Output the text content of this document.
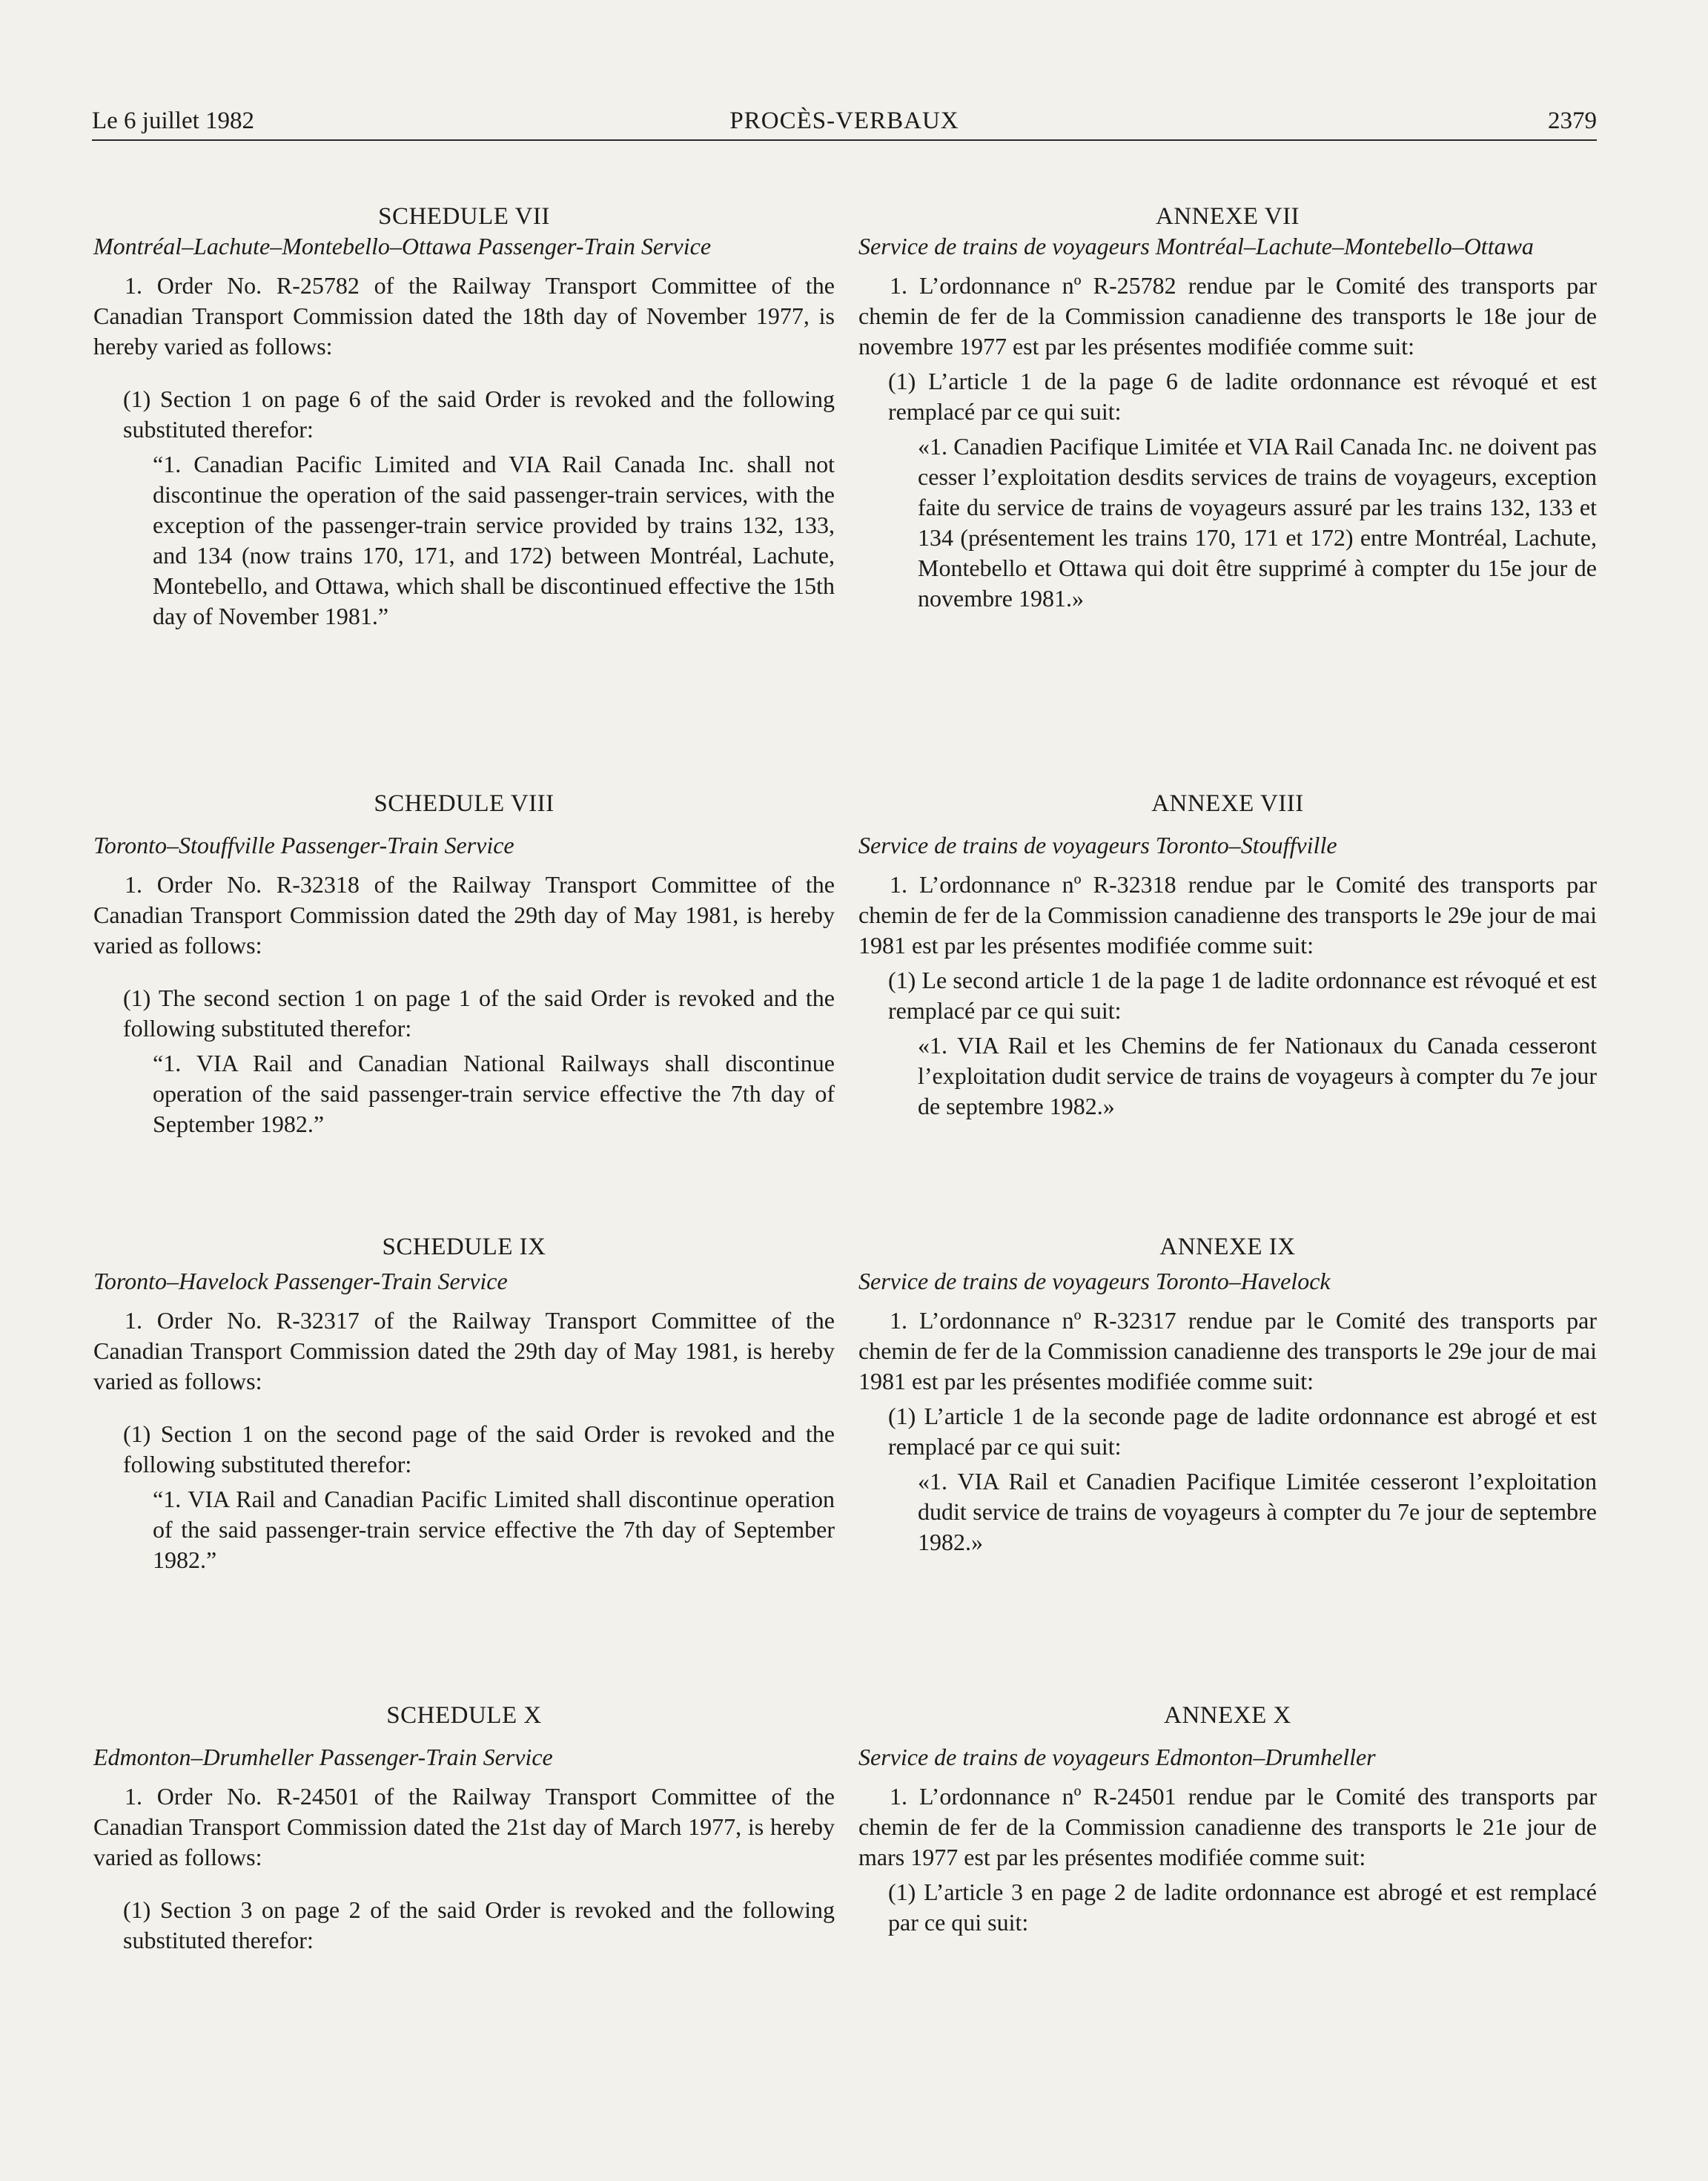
Le 6 juillet 1982	PROCÈS-VERBAUX	2379
SCHEDULE VII
Montréal–Lachute–Montebello–Ottawa Passenger-Train Service

1. Order No. R-25782 of the Railway Transport Committee of the Canadian Transport Commission dated the 18th day of November 1977, is hereby varied as follows:

(1) Section 1 on page 6 of the said Order is revoked and the following substituted therefor:

“1. Canadian Pacific Limited and VIA Rail Canada Inc. shall not discontinue the operation of the said passenger-train services, with the exception of the passenger-train service provided by trains 132, 133, and 134 (now trains 170, 171, and 172) between Montréal, Lachute, Montebello, and Ottawa, which shall be discontinued effective the 15th day of November 1981.”

SCHEDULE VIII
Toronto–Stouffville Passenger-Train Service

1. Order No. R-32318 of the Railway Transport Committee of the Canadian Transport Commission dated the 29th day of May 1981, is hereby varied as follows:

(1) The second section 1 on page 1 of the said Order is revoked and the following substituted therefor:

“1. VIA Rail and Canadian National Railways shall discontinue operation of the said passenger-train service effective the 7th day of September 1982.”

SCHEDULE IX
Toronto–Havelock Passenger-Train Service

1. Order No. R-32317 of the Railway Transport Committee of the Canadian Transport Commission dated the 29th day of May 1981, is hereby varied as follows:

(1) Section 1 on the second page of the said Order is revoked and the following substituted therefor:

“1. VIA Rail and Canadian Pacific Limited shall discontinue operation of the said passenger-train service effective the 7th day of September 1982.”

SCHEDULE X
Edmonton–Drumheller Passenger-Train Service

1. Order No. R-24501 of the Railway Transport Committee of the Canadian Transport Commission dated the 21st day of March 1977, is hereby varied as follows:

(1) Section 3 on page 2 of the said Order is revoked and the following substituted therefor:

ANNEXE VII
Service de trains de voyageurs Montréal–Lachute–Montebello–Ottawa

1. L’ordonnance nº R-25782 rendue par le Comité des transports par chemin de fer de la Commission canadienne des transports le 18e jour de novembre 1977 est par les présentes modifiée comme suit:

(1) L’article 1 de la page 6 de ladite ordonnance est révoqué et est remplacé par ce qui suit:

«1. Canadien Pacifique Limitée et VIA Rail Canada Inc. ne doivent pas cesser l’exploitation desdits services de trains de voyageurs, exception faite du service de trains de voyageurs assuré par les trains 132, 133 et 134 (présentement les trains 170, 171 et 172) entre Montréal, Lachute, Montebello et Ottawa qui doit être supprimé à compter du 15e jour de novembre 1981.»

ANNEXE VIII
Service de trains de voyageurs Toronto–Stouffville

1. L’ordonnance nº R-32318 rendue par le Comité des transports par chemin de fer de la Commission canadienne des transports le 29e jour de mai 1981 est par les présentes modifiée comme suit:

(1) Le second article 1 de la page 1 de ladite ordonnance est révoqué et est remplacé par ce qui suit:

«1. VIA Rail et les Chemins de fer Nationaux du Canada cesseront l’exploitation dudit service de trains de voyageurs à compter du 7e jour de septembre 1982.»

ANNEXE IX
Service de trains de voyageurs Toronto–Havelock

1. L’ordonnance nº R-32317 rendue par le Comité des transports par chemin de fer de la Commission canadienne des transports le 29e jour de mai 1981 est par les présentes modifiée comme suit:

(1) L’article 1 de la seconde page de ladite ordonnance est abrogé et est remplacé par ce qui suit:

«1. VIA Rail et Canadien Pacifique Limitée cesseront l’exploitation dudit service de trains de voyageurs à compter du 7e jour de septembre 1982.»

ANNEXE X
Service de trains de voyageurs Edmonton–Drumheller

1. L’ordonnance nº R-24501 rendue par le Comité des transports par chemin de fer de la Commission canadienne des transports le 21e jour de mars 1977 est par les présentes modifiée comme suit:

(1) L’article 3 en page 2 de ladite ordonnance est abrogé et est remplacé par ce qui suit:
